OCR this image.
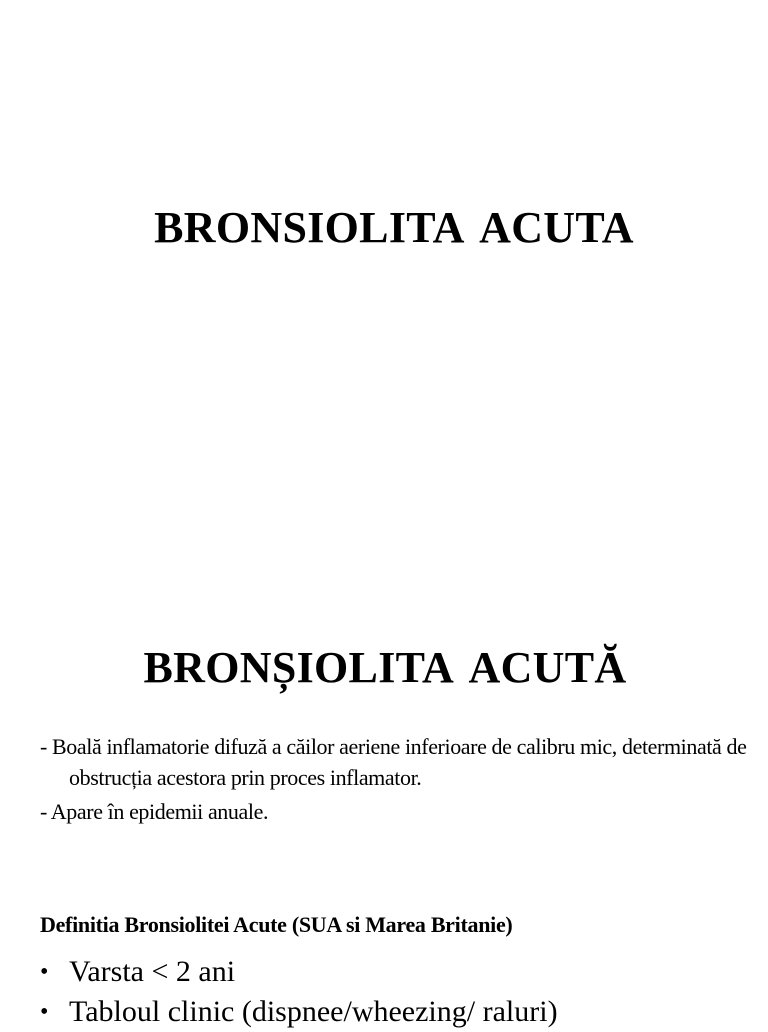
BRONSIOLITA ACUTA
BRONȘIOLITA ACUTĂ
- Boală inflamatorie difuză a căilor aeriene inferioare de calibru mic, determinată de obstrucția acestora prin proces inflamator.
- Apare în epidemii anuale.
Definitia Bronsiolitei Acute (SUA si Marea Britanie)
• Varsta < 2 ani
• Tabloul clinic (dispnee/wheezing/ raluri)
